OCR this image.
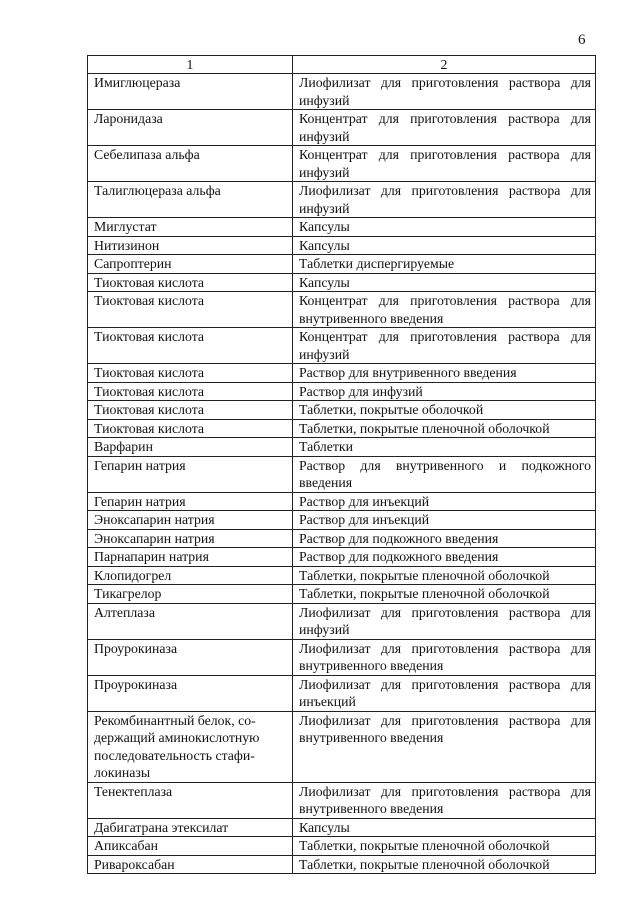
6
1	2
Имиглюцераза	Лиофилизат для приготовления раствора для инфузий
Ларонидаза	Концентрат для приготовления раствора для инфузий
Себелипаза альфа	Концентрат для приготовления раствора для инфузий
Талиглюцераза альфа	Лиофилизат для приготовления раствора для инфузий
Миглустат	Капсулы
Нитизинон	Капсулы
Сапроптерин	Таблетки диспергируемые
Тиоктовая кислота	Капсулы
Тиоктовая кислота	Концентрат для приготовления раствора для внутривенного введения
Тиоктовая кислота	Концентрат для приготовления раствора для инфузий
Тиоктовая кислота	Раствор для внутривенного введения
Тиоктовая кислота	Раствор для инфузий
Тиоктовая кислота	Таблетки, покрытые оболочкой
Тиоктовая кислота	Таблетки, покрытые пленочной оболочкой
Варфарин	Таблетки
Гепарин натрия	Раствор для внутривенного и подкожного введения
Гепарин натрия	Раствор для инъекций
Эноксапарин натрия	Раствор для инъекций
Эноксапарин натрия	Раствор для подкожного введения
Парнапарин натрия	Раствор для подкожного введения
Клопидогрел	Таблетки, покрытые пленочной оболочкой
Тикагрелор	Таблетки, покрытые пленочной оболочкой
Алтеплаза	Лиофилизат для приготовления раствора для инфузий
Проурокиназа	Лиофилизат для приготовления раствора для внутривенного введения
Проурокиназа	Лиофилизат для приготовления раствора для инъекций
Рекомбинантный белок, со-держащий аминокислотную последовательность стафи-локиназы	Лиофилизат для приготовления раствора для внутривенного введения
Тенектеплаза	Лиофилизат для приготовления раствора для внутривенного введения
Дабигатрана этексилат	Капсулы
Апиксабан	Таблетки, покрытые пленочной оболочкой
Ривароксабан	Таблетки, покрытые пленочной оболочкой
